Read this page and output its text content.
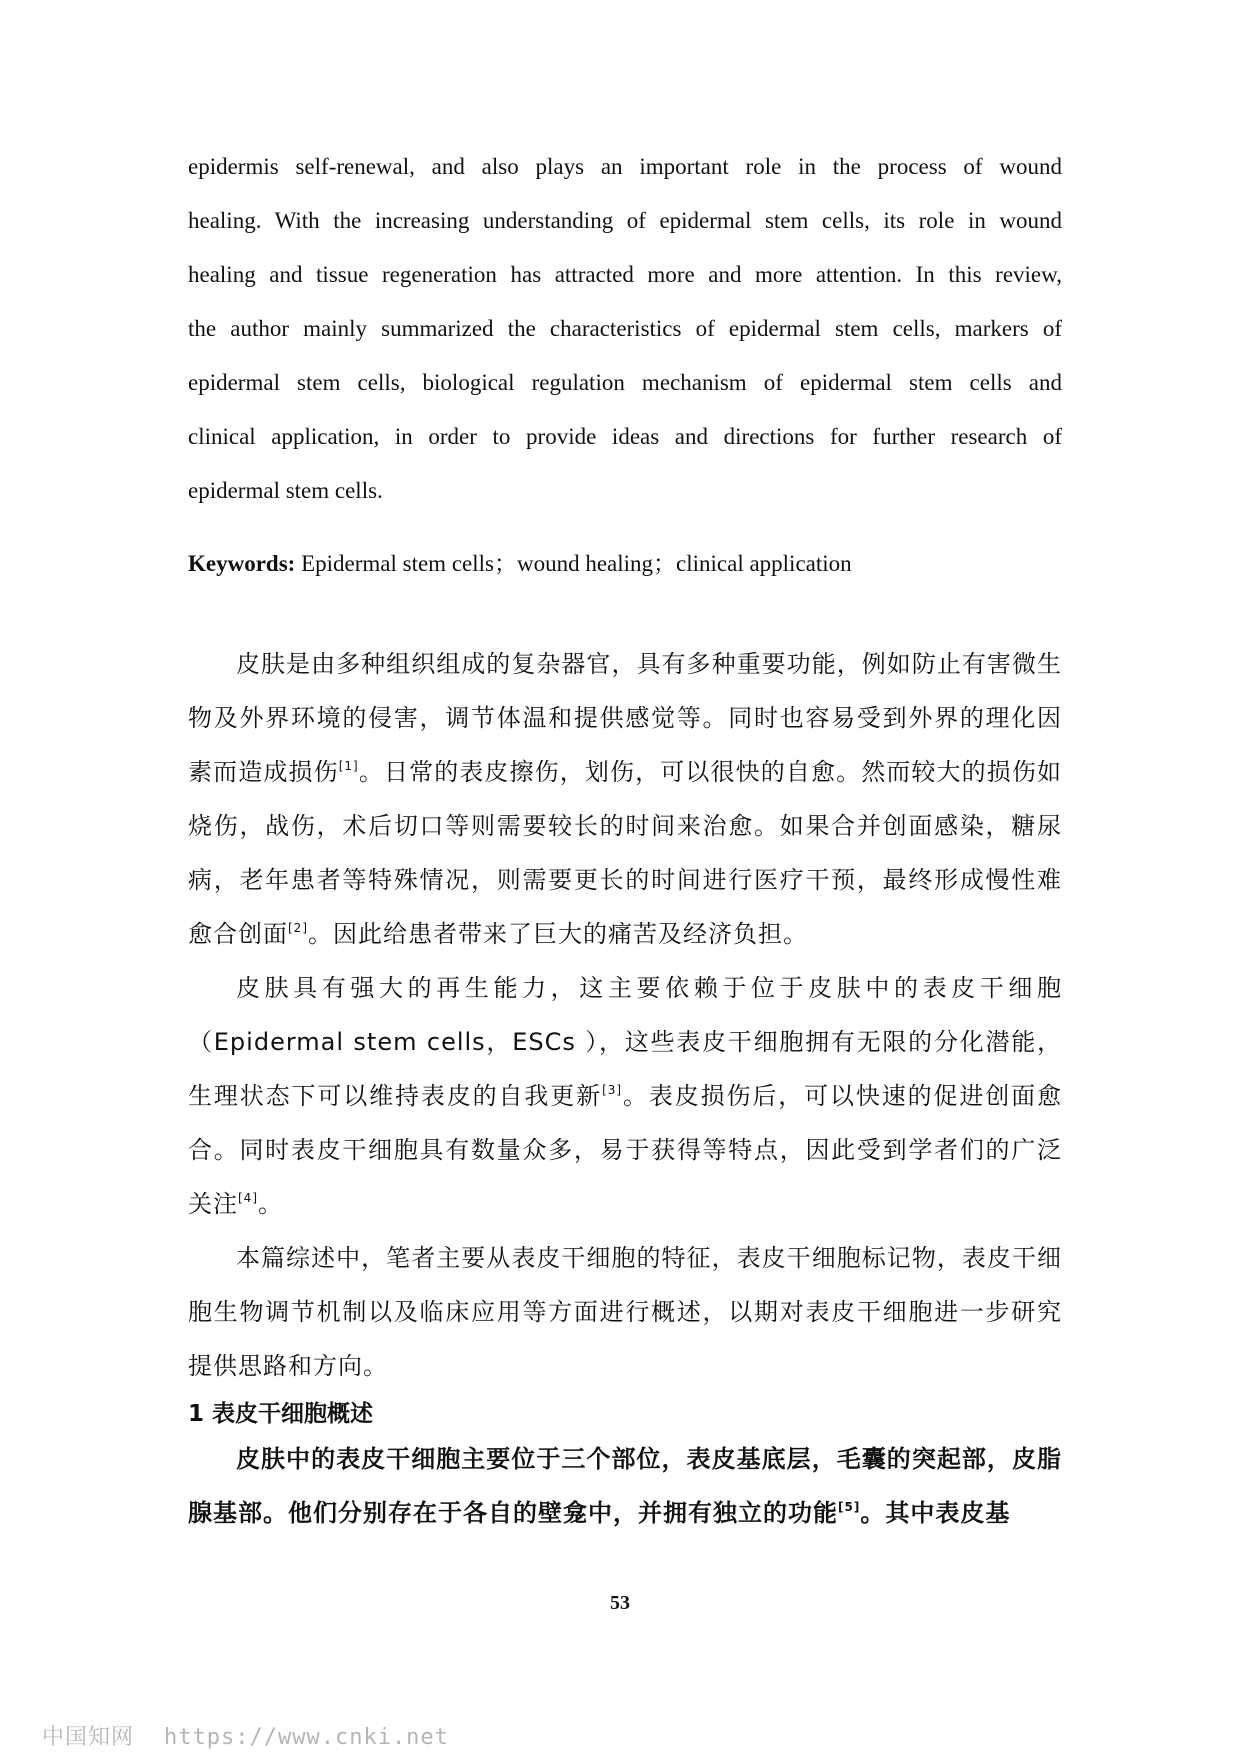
epidermis self-renewal, and also plays an important role in the process of wound
healing. With the increasing understanding of epidermal stem cells, its role in wound
healing and tissue regeneration has attracted more and more attention. In this review,
the author mainly summarized the characteristics of epidermal stem cells, markers of
epidermal stem cells, biological regulation mechanism of epidermal stem cells and
clinical application, in order to provide ideas and directions for further research of
epidermal stem cells.
Keywords: Epidermal stem cells；wound healing；clinical application

皮肤是由多种组织组成的复杂器官，具有多种重要功能，例如防止有害微生物及外界环境的侵害，调节体温和提供感觉等。同时也容易受到外界的理化因素而造成损伤[1]。日常的表皮擦伤，划伤，可以很快的自愈。然而较大的损伤如烧伤，战伤，术后切口等则需要较长的时间来治愈。如果合并创面感染，糖尿病，老年患者等特殊情况，则需要更长的时间进行医疗干预，最终形成慢性难愈合创面[2]。因此给患者带来了巨大的痛苦及经济负担。

皮肤具有强大的再生能力，这主要依赖于位于皮肤中的表皮干细胞（Epidermal stem cells，ESCs ），这些表皮干细胞拥有无限的分化潜能，生理状态下可以维持表皮的自我更新[3]。表皮损伤后，可以快速的促进创面愈合。同时表皮干细胞具有数量众多，易于获得等特点，因此受到学者们的广泛关注[4]。

本篇综述中，笔者主要从表皮干细胞的特征，表皮干细胞标记物，表皮干细胞生物调节机制以及临床应用等方面进行概述，以期对表皮干细胞进一步研究提供思路和方向。

1 表皮干细胞概述

皮肤中的表皮干细胞主要位于三个部位，表皮基底层，毛囊的突起部，皮脂腺基部。他们分别存在于各自的壁龛中，并拥有独立的功能[5]。其中表皮基

53
中国知网 https://www.cnki.net
